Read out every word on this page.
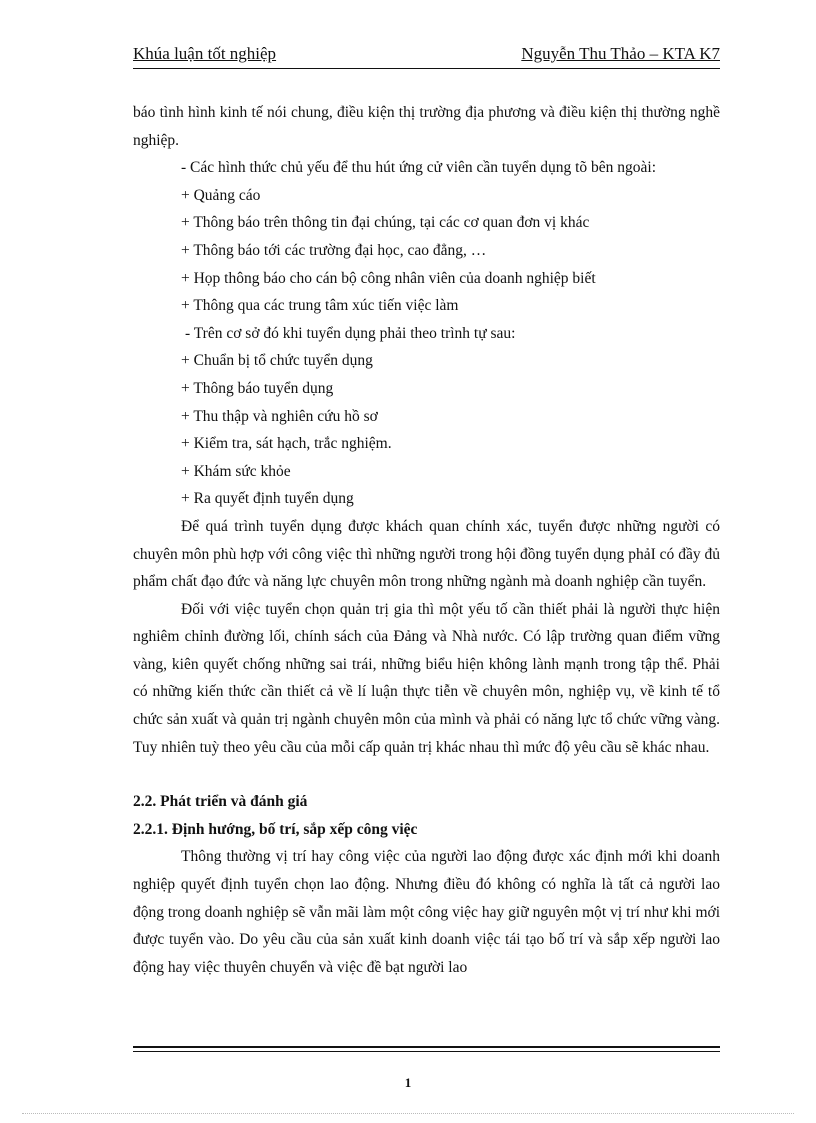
Khúa luận tốt nghiệp	Nguyễn Thu Thảo – KTA K7

báo tình hình kinh tế nói chung, điều kiện thị trường địa phương và điều kiện thị thường nghề nghiệp.

- Các hình thức chủ yếu để thu hút ứng cử viên cần tuyển dụng tõ bên ngoài:

+ Quảng cáo

+ Thông báo trên thông tin đại chúng, tại các cơ quan đơn vị khác

+ Thông báo tới các trường đại học, cao đẳng, …

+ Họp thông báo cho cán bộ công nhân viên của doanh nghiệp biết

+ Thông qua các trung tâm xúc tiến việc làm

- Trên cơ sở đó khi tuyển dụng phải theo trình tự sau:

+ Chuẩn bị tổ chức tuyển dụng

+ Thông báo tuyển dụng

+ Thu thập và nghiên cứu hồ sơ

+ Kiểm tra, sát hạch, trắc nghiệm.

+ Khám sức khỏe

+ Ra quyết định tuyển dụng

Để quá trình tuyển dụng được khách quan chính xác, tuyển được những người có chuyên môn phù hợp với công việc thì những người trong hội đồng tuyển dụng phảI có đầy đủ phẩm chất đạo đức và năng lực chuyên môn trong những ngành mà doanh nghiệp cần tuyển.

Đối với việc tuyển chọn quản trị gia thì một yếu tố cần thiết phải là người thực hiện nghiêm chỉnh đường lối, chính sách của Đảng và Nhà nước. Có lập trường quan điểm vững vàng, kiên quyết chống những sai trái, những biểu hiện không lành mạnh trong tập thể. Phải có những kiến thức cần thiết cả về lí luận thực tiễn về chuyên môn, nghiệp vụ, về kinh tế tổ chức sản xuất và quản trị ngành chuyên môn của mình và phải có năng lực tổ chức vững vàng. Tuy nhiên tuỳ theo yêu cầu của mỗi cấp quản trị khác nhau thì mức độ yêu cầu sẽ khác nhau.

2.2. Phát triển và đánh giá

2.2.1. Định hướng, bố trí, sắp xếp công việc

Thông thường vị trí hay công việc của người lao động được xác định mới khi doanh nghiệp quyết định tuyển chọn lao động. Nhưng điều đó không có nghĩa là tất cả người lao động trong doanh nghiệp sẽ vẫn mãi làm một công việc hay giữ nguyên một vị trí như khi mới được tuyển vào. Do yêu cầu của sản xuất kinh doanh việc tái tạo bố trí và sắp xếp người lao động hay việc thuyên chuyển và việc đề bạt người lao

1
